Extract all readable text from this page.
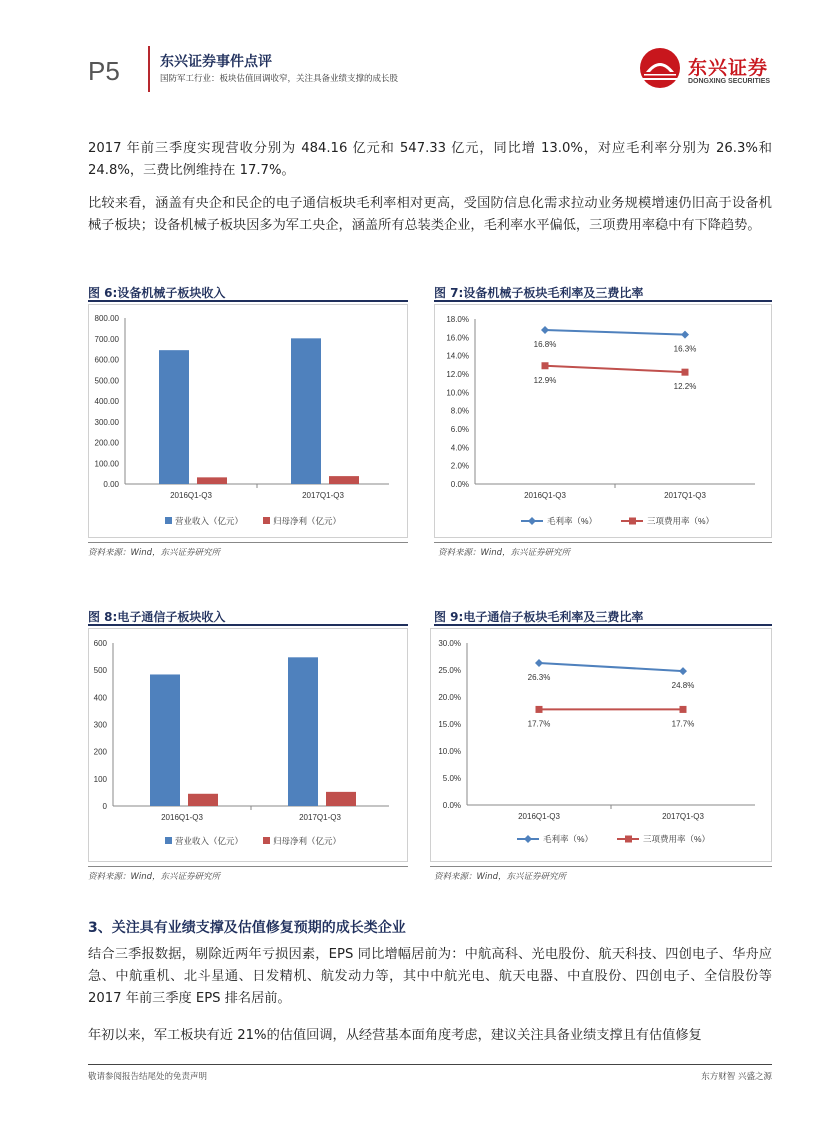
P5	东兴证券事件点评
国防军工行业：板块估值回调收窄，关注具备业绩支撑的成长股	东兴证券
DONGXING SECURITIES
2017 年前三季度实现营收分别为 484.16 亿元和 547.33 亿元，同比增 13.0%，对应毛利率分别为 26.3%和 24.8%，三费比例维持在 17.7%。
比较来看，涵盖有央企和民企的电子通信板块毛利率相对更高，受国防信息化需求拉动业务规模增速仍旧高于设备机械子板块；设备机械子板块因多为军工央企，涵盖所有总装类企业，毛利率水平偏低，三项费用率稳中有下降趋势。
图 6:设备机械子板块收入
0.00
100.00
200.00
300.00
400.00
500.00
600.00
700.00
800.00
2016Q1-Q3	2017Q1-Q3
营业收入（亿元）	归母净利（亿元）
资料来源：Wind，东兴证券研究所
图 7:设备机械子板块毛利率及三费比率
0.0%
2.0%
4.0%
6.0%
8.0%
10.0%
12.0%
14.0%
16.0%
18.0%
2016Q1-Q3	2017Q1-Q3
16.8%
16.3%
12.9%
12.2%
毛利率（%）	三项费用率（%）
资料来源：Wind，东兴证券研究所
图 8:电子通信子板块收入
0
100
200
300
400
500
600
2016Q1-Q3	2017Q1-Q3
营业收入（亿元）	归母净利（亿元）
资料来源：Wind，东兴证券研究所
图 9:电子通信子板块毛利率及三费比率
0.0%
5.0%
10.0%
15.0%
20.0%
25.0%
30.0%
2016Q1-Q3	2017Q1-Q3
26.3%
24.8%
17.7%	17.7%
毛利率（%）	三项费用率（%）
资料来源：Wind，东兴证券研究所
3、关注具有业绩支撑及估值修复预期的成长类企业
结合三季报数据，剔除近两年亏损因素，EPS 同比增幅居前为：中航高科、光电股份、航天科技、四创电子、华舟应急、中航重机、北斗星通、日发精机、航发动力等，其中中航光电、航天电器、中直股份、四创电子、全信股份等 2017 年前三季度 EPS 排名居前。
年初以来，军工板块有近 21%的估值回调，从经营基本面角度考虑，建议关注具备业绩支撑且有估值修复
敬请参阅报告结尾处的免责声明	东方财智 兴盛之源
